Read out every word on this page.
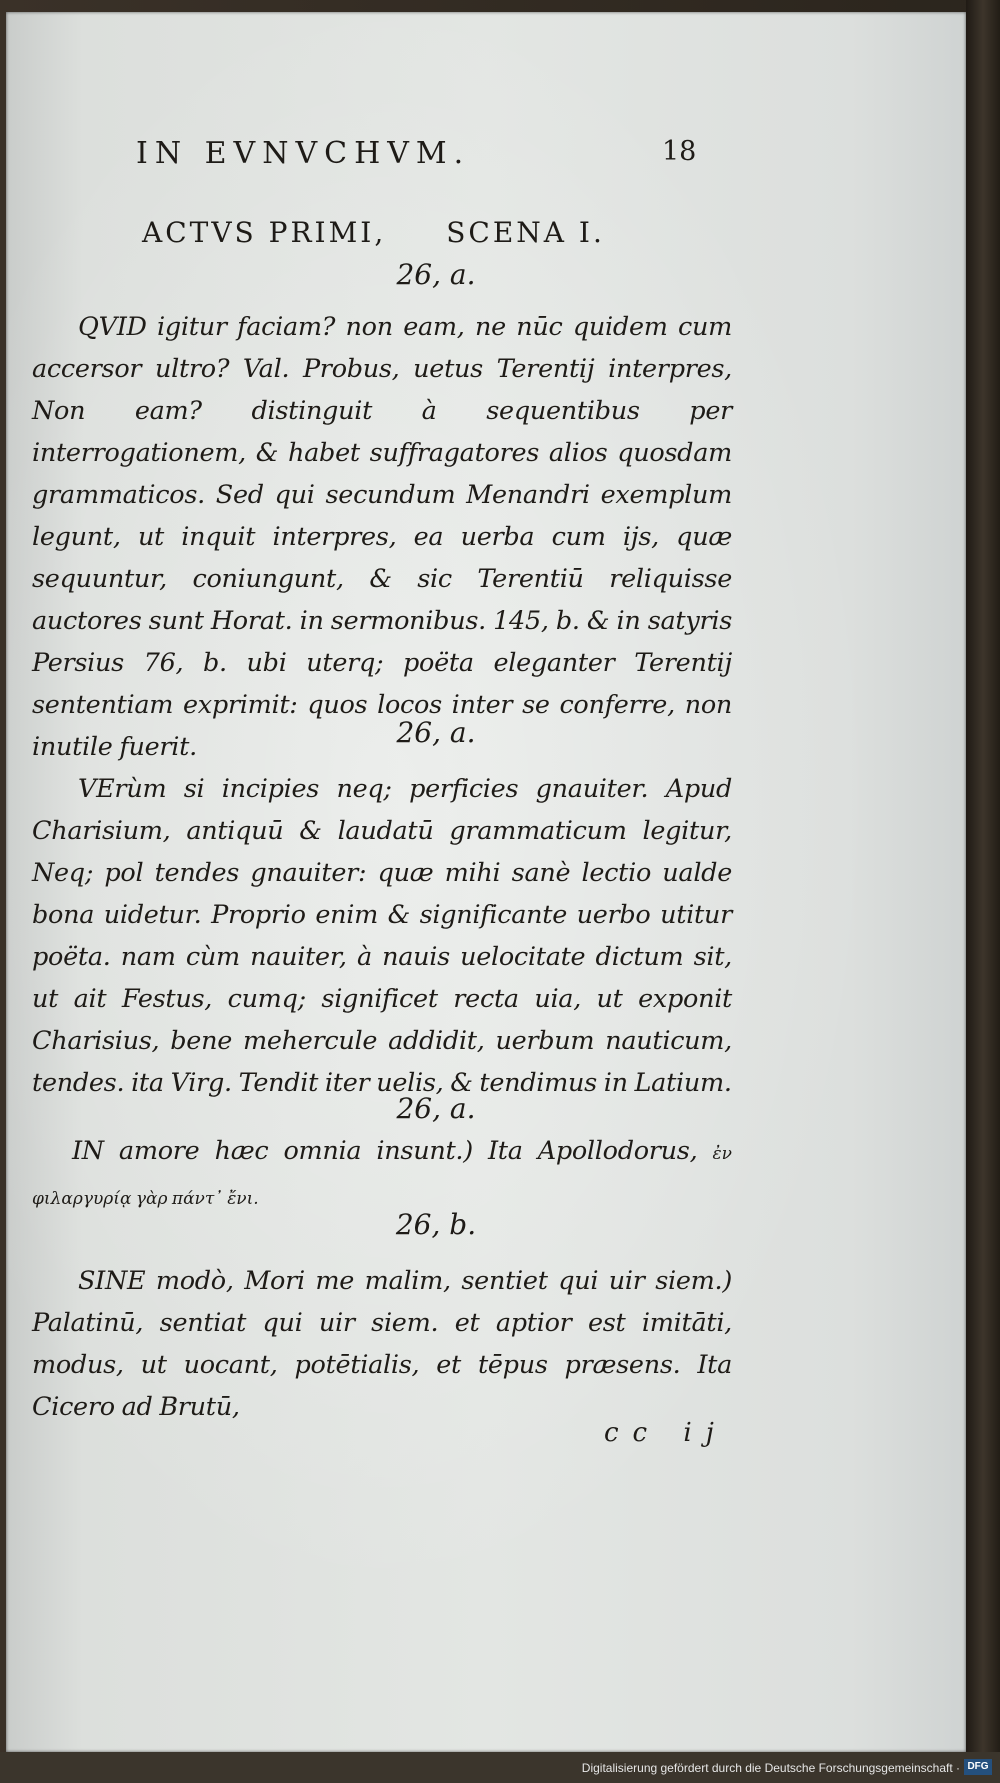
IN EVNVCHVM.	18
ACTVS PRIMI, SCENA I.
26, a.
QVID igitur faciam? non eam, ne nūc quidem cum accersor ultro? Val. Probus, uetus Terentij interpres, Non eam? distinguit à sequentibus per interrogationem, & habet suffragatores alios quosdam grammaticos. Sed qui secundum Menandri exemplum legunt, ut inquit interpres, ea uerba cum ijs, quæ sequuntur, coniungunt, & sic Terentiū reliquisse auctores sunt Horat. in sermonibus. 145, b. & in satyris Persius 76, b. ubi uterq; poëta eleganter Terentij sententiam exprimit: quos locos inter se conferre, non inutile fuerit.	26, a.
VErùm si incipies neq; perficies gnauiter. Apud Charisium, antiquū & laudatū grammaticum legitur, Neq; pol tendes gnauiter: quæ mihi sanè lectio ualde bona uidetur. Proprio enim & significante uerbo utitur poëta. nam cùm nauiter, à nauis uelocitate dictum sit, ut ait Festus, cumq; significet recta uia, ut exponit Charisius, bene mehercule addidit, uerbum nauticum, tendes. ita Virg. Tendit iter uelis, & tendimus in Latium.
26, a.
IN amore hæc omnia insunt.) Ita Apollodorus, ἐν φιλαργυρίᾳ γὰρ πάντ᾽ ἔνι.
26, b.
SINE modò, Mori me malim, sentiet qui uir siem.) Palatinū, sentiat qui uir siem. et aptior est imitāti, modus, ut uocant, potētialis, et tēpus præsens. Ita Cicero ad Brutū,
cc ij
Digitalisierung gefördert durch die Deutsche Forschungsgemeinschaft · DFG
